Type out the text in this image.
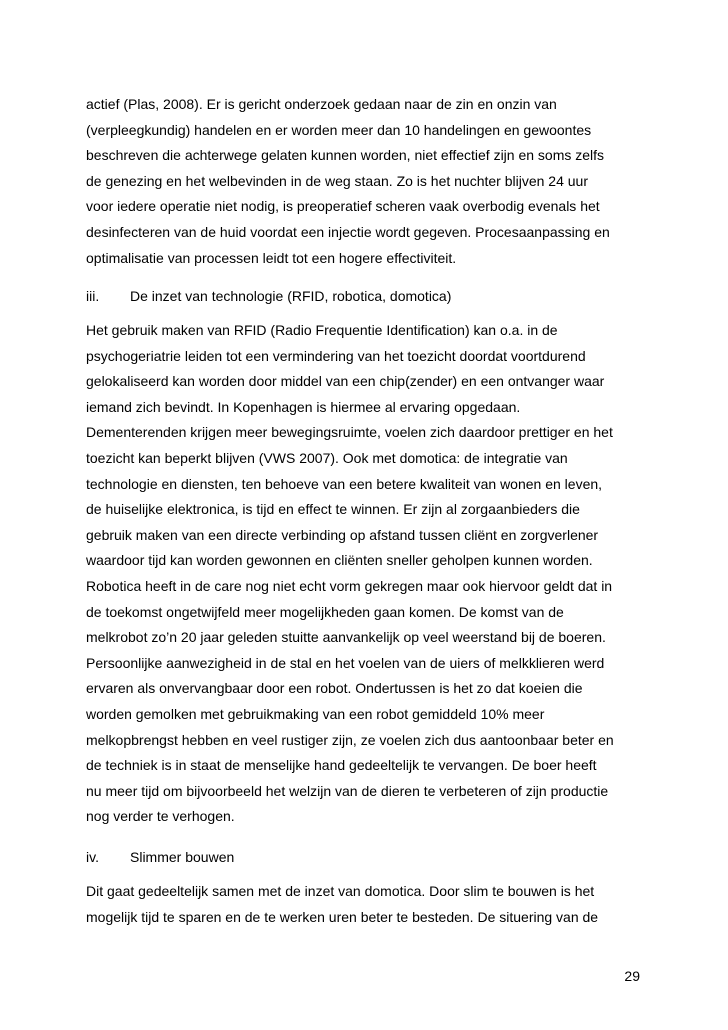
actief (Plas, 2008). Er is gericht onderzoek gedaan naar de zin en onzin van
(verpleegkundig) handelen en er worden meer dan 10 handelingen en gewoontes
beschreven die achterwege gelaten kunnen worden, niet effectief zijn en soms zelfs
de genezing en het welbevinden in de weg staan. Zo is het nuchter blijven 24 uur
voor iedere operatie niet nodig, is preoperatief scheren vaak overbodig evenals het
desinfecteren van de huid voordat een injectie wordt gegeven. Procesaanpassing en
optimalisatie van processen leidt tot een hogere effectiviteit.
iii. De inzet van technologie (RFID, robotica, domotica)
Het gebruik maken van RFID (Radio Frequentie Identification) kan o.a. in de
psychogeriatrie leiden tot een vermindering van het toezicht doordat voortdurend
gelokaliseerd kan worden door middel van een chip(zender) en een ontvanger waar
iemand zich bevindt. In Kopenhagen is hiermee al ervaring opgedaan.
Dementerenden krijgen meer bewegingsruimte, voelen zich daardoor prettiger en het
toezicht kan beperkt blijven (VWS 2007). Ook met domotica: de integratie van
technologie en diensten, ten behoeve van een betere kwaliteit van wonen en leven,
de huiselijke elektronica, is tijd en effect te winnen. Er zijn al zorgaanbieders die
gebruik maken van een directe verbinding op afstand tussen cliënt en zorgverlener
waardoor tijd kan worden gewonnen en cliënten sneller geholpen kunnen worden.
Robotica heeft in de care nog niet echt vorm gekregen maar ook hiervoor geldt dat in
de toekomst ongetwijfeld meer mogelijkheden gaan komen. De komst van de
melkrobot zo’n 20 jaar geleden stuitte aanvankelijk op veel weerstand bij de boeren.
Persoonlijke aanwezigheid in de stal en het voelen van de uiers of melkklieren werd
ervaren als onvervangbaar door een robot. Ondertussen is het zo dat koeien die
worden gemolken met gebruikmaking van een robot gemiddeld 10% meer
melkopbrengst hebben en veel rustiger zijn, ze voelen zich dus aantoonbaar beter en
de techniek is in staat de menselijke hand gedeeltelijk te vervangen. De boer heeft
nu meer tijd om bijvoorbeeld het welzijn van de dieren te verbeteren of zijn productie
nog verder te verhogen.
iv. Slimmer bouwen
Dit gaat gedeeltelijk samen met de inzet van domotica. Door slim te bouwen is het
mogelijk tijd te sparen en de te werken uren beter te besteden. De situering van de
29
